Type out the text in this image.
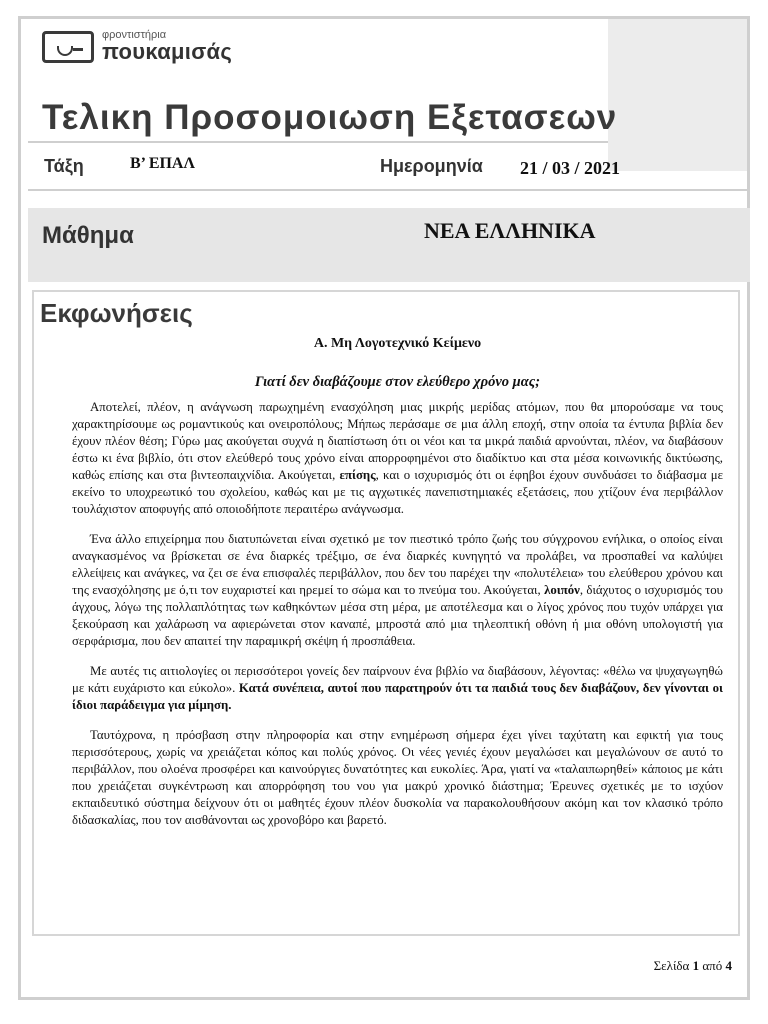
φροντιστήρια
πουκαμισάς
Τελικη Προσομοιωση Εξετασεων
Τάξη	Β’ ΕΠΑΛ	Ημερομηνία 21 / 03 / 2021
Μάθημα	ΝΕΑ ΕΛΛΗΝΙΚΑ
Εκφωνήσεις
Α. Μη Λογοτεχνικό Κείμενο
Γιατί δεν διαβάζουμε στον ελεύθερο χρόνο μας;

Αποτελεί, πλέον, η ανάγνωση παρωχημένη ενασχόληση μιας μικρής μερίδας ατόμων, που θα μπορούσαμε να τους χαρακτηρίσουμε ως ρομαντικούς και ονειροπόλους; Μήπως περάσαμε σε μια άλλη εποχή, στην οποία τα έντυπα βιβλία δεν έχουν πλέον θέση; Γύρω μας ακούγεται συχνά η διαπίστωση ότι οι νέοι και τα μικρά παιδιά αρνούνται, πλέον, να διαβάσουν έστω κι ένα βιβλίο, ότι στον ελεύθερό τους χρόνο είναι απορροφημένοι στο διαδίκτυο και στα μέσα κοινωνικής δικτύωσης, καθώς επίσης και στα βιντεοπαιχνίδια. Ακούγεται, επίσης, και ο ισχυρισμός ότι οι έφηβοι έχουν συνδυάσει το διάβασμα με εκείνο το υποχρεωτικό του σχολείου, καθώς και με τις αγχωτικές πανεπιστημιακές εξετάσεις, που χτίζουν ένα περιβάλλον τουλάχιστον αποφυγής από οποιοδήποτε περαιτέρω ανάγνωσμα.

Ένα άλλο επιχείρημα που διατυπώνεται είναι σχετικό με τον πιεστικό τρόπο ζωής του σύγχρονου ενήλικα, ο οποίος είναι αναγκασμένος να βρίσκεται σε ένα διαρκές τρέξιμο, σε ένα διαρκές κυνηγητό να προλάβει, να προσπαθεί να καλύψει ελλείψεις και ανάγκες, να ζει σε ένα επισφαλές περιβάλλον, που δεν του παρέχει την «πολυτέλεια» του ελεύθερου χρόνου και της ενασχόλησης με ό,τι τον ευχαριστεί και ηρεμεί το σώμα και το πνεύμα του. Ακούγεται, λοιπόν, διάχυτος ο ισχυρισμός του άγχους, λόγω της πολλαπλότητας των καθηκόντων μέσα στη μέρα, με αποτέλεσμα και ο λίγος χρόνος που τυχόν υπάρχει για ξεκούραση και χαλάρωση να αφιερώνεται στον καναπέ, μπροστά από μια τηλεοπτική οθόνη ή μια οθόνη υπολογιστή για σερφάρισμα, που δεν απαιτεί την παραμικρή σκέψη ή προσπάθεια.

Με αυτές τις αιτιολογίες οι περισσότεροι γονείς δεν παίρνουν ένα βιβλίο να διαβάσουν, λέγοντας: «θέλω να ψυχαγωγηθώ με κάτι ευχάριστο και εύκολο». Κατά συνέπεια, αυτοί που παρατηρούν ότι τα παιδιά τους δεν διαβάζουν, δεν γίνονται οι ίδιοι παράδειγμα για μίμηση.

Ταυτόχρονα, η πρόσβαση στην πληροφορία και στην ενημέρωση σήμερα έχει γίνει ταχύτατη και εφικτή για τους περισσότερους, χωρίς να χρειάζεται κόπος και πολύς χρόνος. Οι νέες γενιές έχουν μεγαλώσει και μεγαλώνουν σε αυτό το περιβάλλον, που ολοένα προσφέρει και καινούργιες δυνατότητες και ευκολίες. Άρα, γιατί να «ταλαιπωρηθεί» κάποιος με κάτι που χρειάζεται συγκέντρωση και απορρόφηση του νου για μακρύ χρονικό διάστημα; Έρευνες σχετικές με το ισχύον εκπαιδευτικό σύστημα δείχνουν ότι οι μαθητές έχουν πλέον δυσκολία να παρακολουθήσουν ακόμη και τον κλασικό τρόπο διδασκαλίας, που τον αισθάνονται ως χρονοβόρο και βαρετό.

Σελίδα 1 από 4
